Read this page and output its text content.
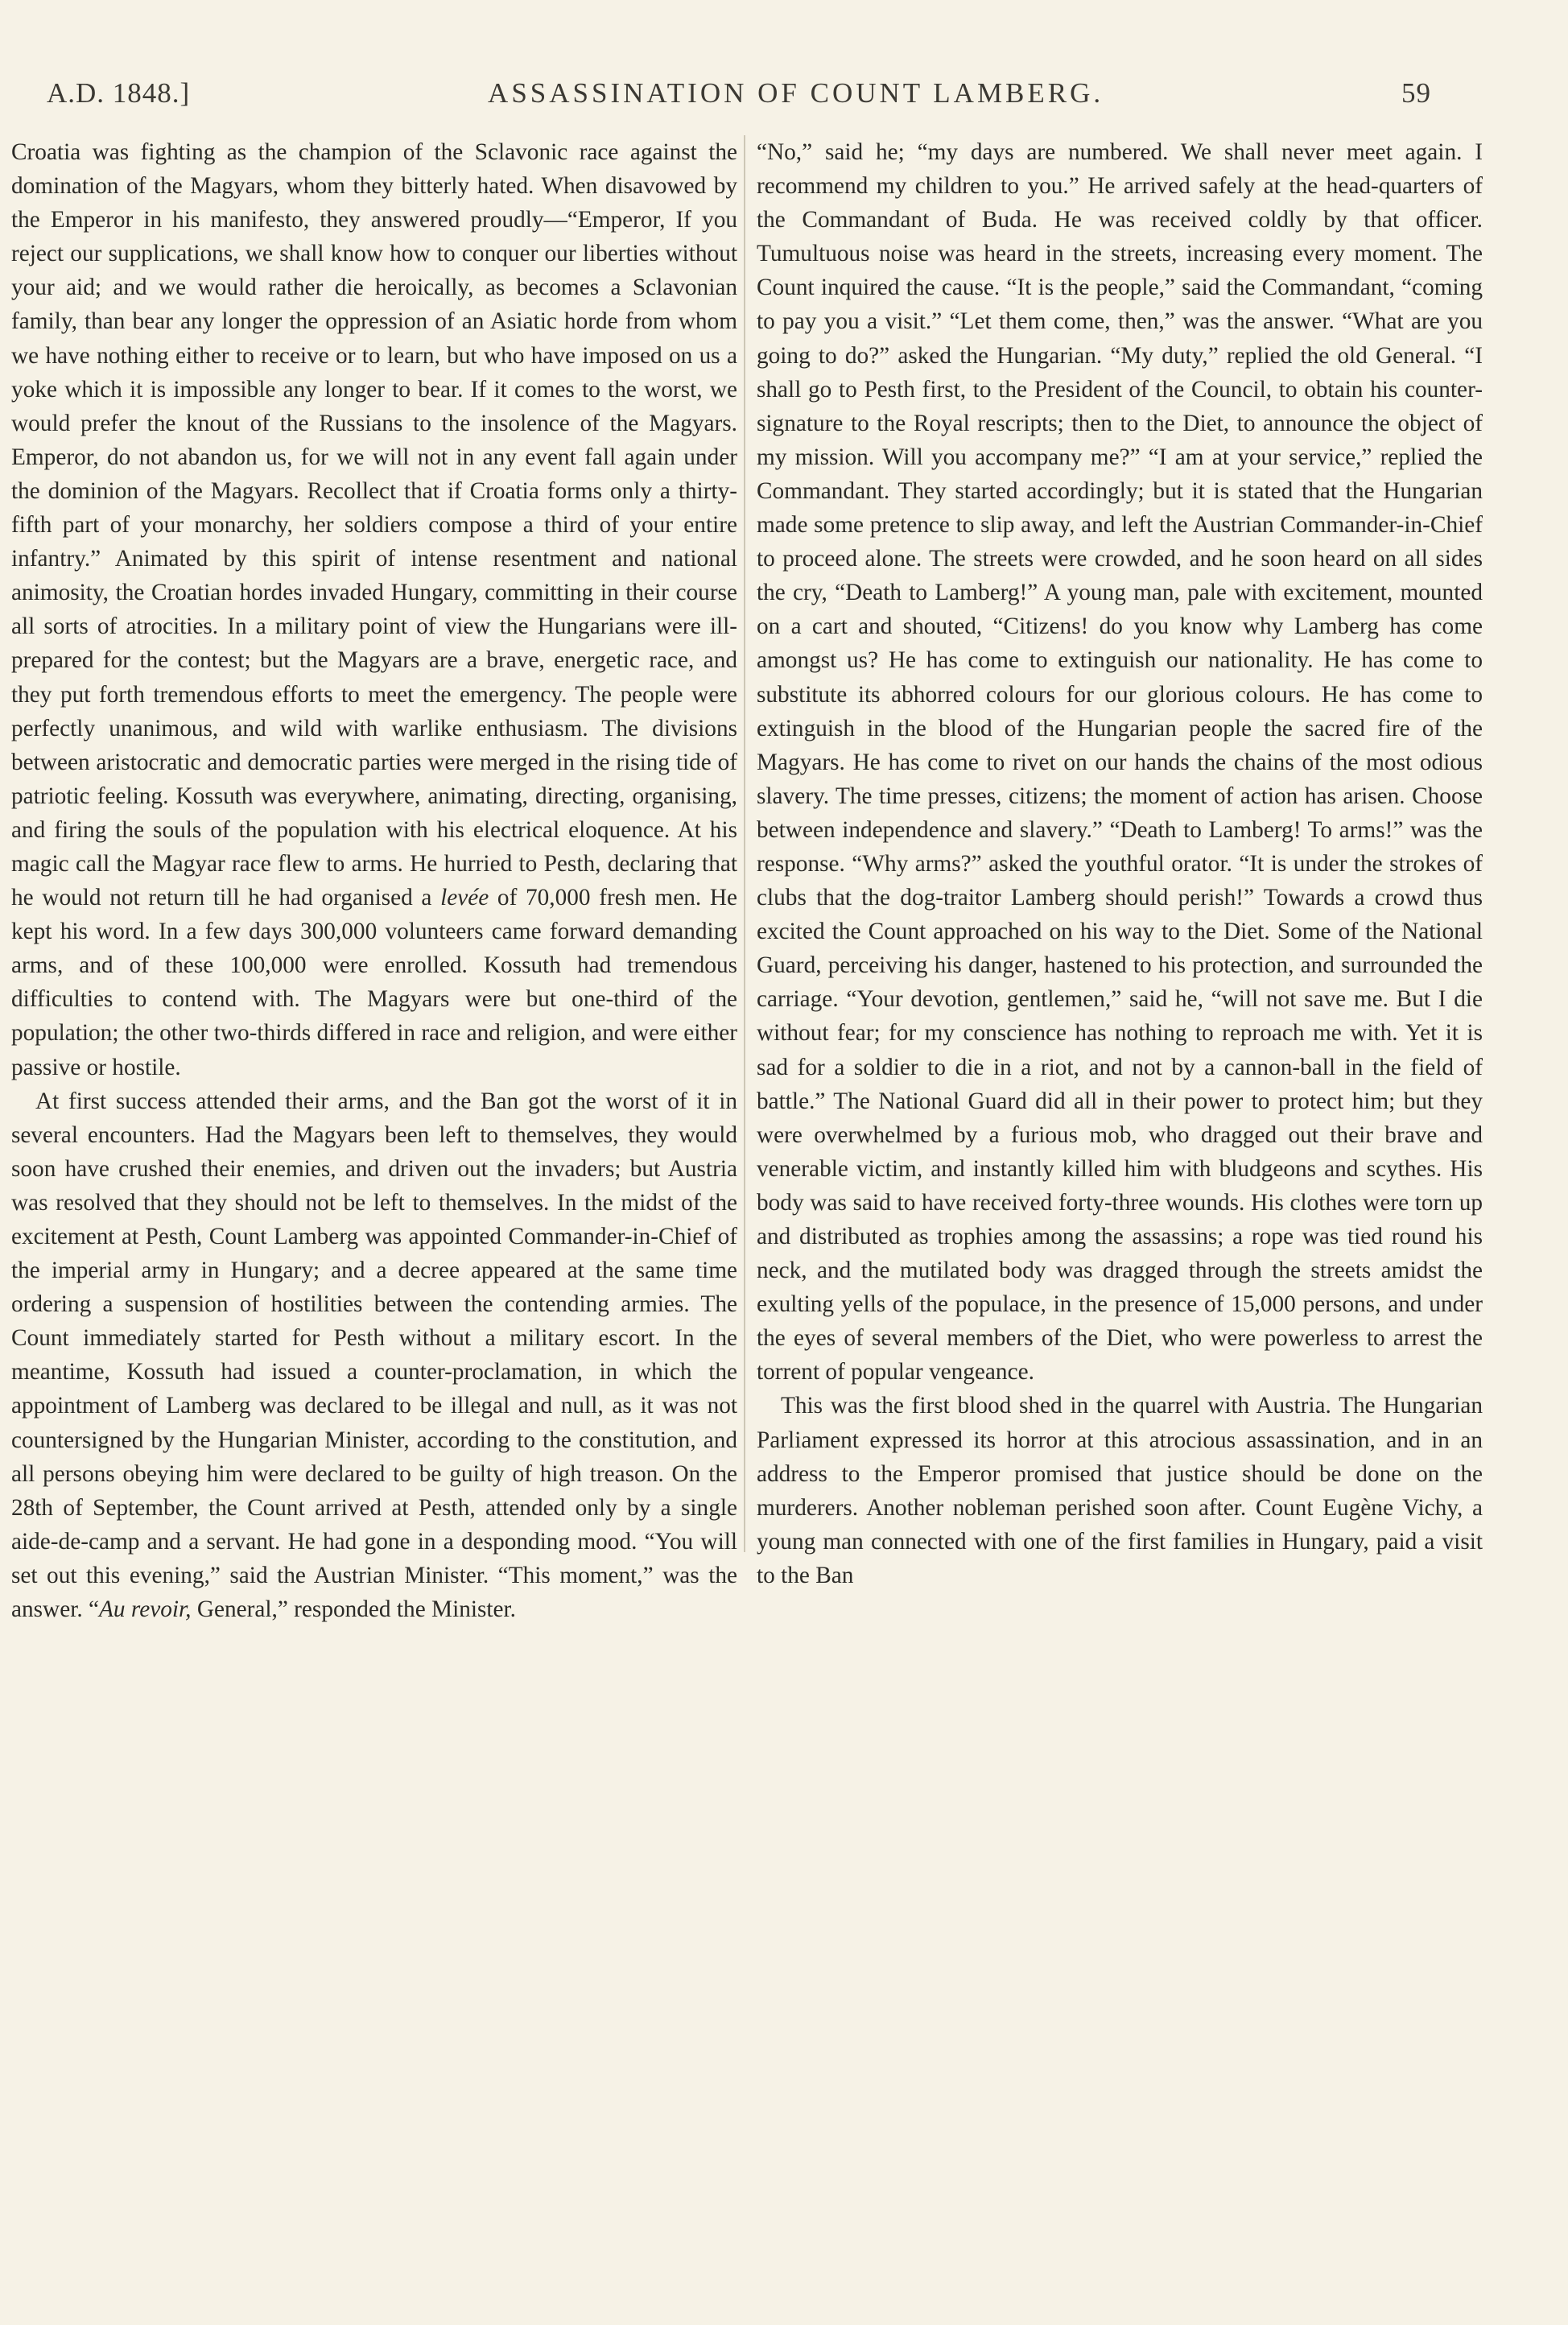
A.D. 1848.]	ASSASSINATION OF COUNT LAMBERG.	59

Croatia was fighting as the champion of the Sclavonic race against the domination of the Magyars, whom they bitterly hated. When disavowed by the Emperor in his manifesto, they answered proudly—“Emperor, If you reject our supplications, we shall know how to conquer our liberties without your aid; and we would rather die heroically, as becomes a Sclavonian family, than bear any longer the oppression of an Asiatic horde from whom we have nothing either to receive or to learn, but who have imposed on us a yoke which it is impossible any longer to bear. If it comes to the worst, we would prefer the knout of the Russians to the insolence of the Magyars. Emperor, do not abandon us, for we will not in any event fall again under the dominion of the Magyars. Recollect that if Croatia forms only a thirty-fifth part of your monarchy, her soldiers compose a third of your entire infantry.” Animated by this spirit of intense resentment and national animosity, the Croatian hordes invaded Hungary, committing in their course all sorts of atrocities. In a military point of view the Hungarians were ill-prepared for the contest; but the Magyars are a brave, energetic race, and they put forth tremendous efforts to meet the emergency. The people were perfectly unanimous, and wild with warlike enthusiasm. The divisions between aristocratic and democratic parties were merged in the rising tide of patriotic feeling. Kossuth was everywhere, animating, directing, organising, and firing the souls of the population with his electrical eloquence. At his magic call the Magyar race flew to arms. He hurried to Pesth, declaring that he would not return till he had organised a levée of 70,000 fresh men. He kept his word. In a few days 300,000 volunteers came forward demanding arms, and of these 100,000 were enrolled. Kossuth had tremendous difficulties to contend with. The Magyars were but one-third of the population; the other two-thirds differed in race and religion, and were either passive or hostile.

At first success attended their arms, and the Ban got the worst of it in several encounters. Had the Magyars been left to themselves, they would soon have crushed their enemies, and driven out the invaders; but Austria was resolved that they should not be left to themselves. In the midst of the excitement at Pesth, Count Lamberg was appointed Commander-in-Chief of the imperial army in Hungary; and a decree appeared at the same time ordering a suspension of hostilities between the contending armies. The Count immediately started for Pesth without a military escort. In the meantime, Kossuth had issued a counter-proclamation, in which the appointment of Lamberg was declared to be illegal and null, as it was not countersigned by the Hungarian Minister, according to the constitution, and all persons obeying him were declared to be guilty of high treason. On the 28th of September, the Count arrived at Pesth, attended only by a single aide-de-camp and a servant. He had gone in a desponding mood. “You will set out this evening,” said the Austrian Minister. “This moment,” was the answer. “Au revoir, General,” responded the Minister.

“No,” said he; “my days are numbered. We shall never meet again. I recommend my children to you.” He arrived safely at the head-quarters of the Commandant of Buda. He was received coldly by that officer. Tumultuous noise was heard in the streets, increasing every moment. The Count inquired the cause. “It is the people,” said the Commandant, “coming to pay you a visit.” “Let them come, then,” was the answer. “What are you going to do?” asked the Hungarian. “My duty,” replied the old General. “I shall go to Pesth first, to the President of the Council, to obtain his counter-signature to the Royal rescripts; then to the Diet, to announce the object of my mission. Will you accompany me?” “I am at your service,” replied the Commandant. They started accordingly; but it is stated that the Hungarian made some pretence to slip away, and left the Austrian Commander-in-Chief to proceed alone. The streets were crowded, and he soon heard on all sides the cry, “Death to Lamberg!” A young man, pale with excitement, mounted on a cart and shouted, “Citizens! do you know why Lamberg has come amongst us? He has come to extinguish our nationality. He has come to substitute its abhorred colours for our glorious colours. He has come to extinguish in the blood of the Hungarian people the sacred fire of the Magyars. He has come to rivet on our hands the chains of the most odious slavery. The time presses, citizens; the moment of action has arisen. Choose between independence and slavery.” “Death to Lamberg! To arms!” was the response. “Why arms?” asked the youthful orator. “It is under the strokes of clubs that the dog-traitor Lamberg should perish!” Towards a crowd thus excited the Count approached on his way to the Diet. Some of the National Guard, perceiving his danger, hastened to his protection, and surrounded the carriage. “Your devotion, gentlemen,” said he, “will not save me. But I die without fear; for my conscience has nothing to reproach me with. Yet it is sad for a soldier to die in a riot, and not by a cannon-ball in the field of battle.” The National Guard did all in their power to protect him; but they were overwhelmed by a furious mob, who dragged out their brave and venerable victim, and instantly killed him with bludgeons and scythes. His body was said to have received forty-three wounds. His clothes were torn up and distributed as trophies among the assassins; a rope was tied round his neck, and the mutilated body was dragged through the streets amidst the exulting yells of the populace, in the presence of 15,000 persons, and under the eyes of several members of the Diet, who were powerless to arrest the torrent of popular vengeance.

This was the first blood shed in the quarrel with Austria. The Hungarian Parliament expressed its horror at this atrocious assassination, and in an address to the Emperor promised that justice should be done on the murderers. Another nobleman perished soon after. Count Eugène Vichy, a young man connected with one of the first families in Hungary, paid a visit to the Ban
